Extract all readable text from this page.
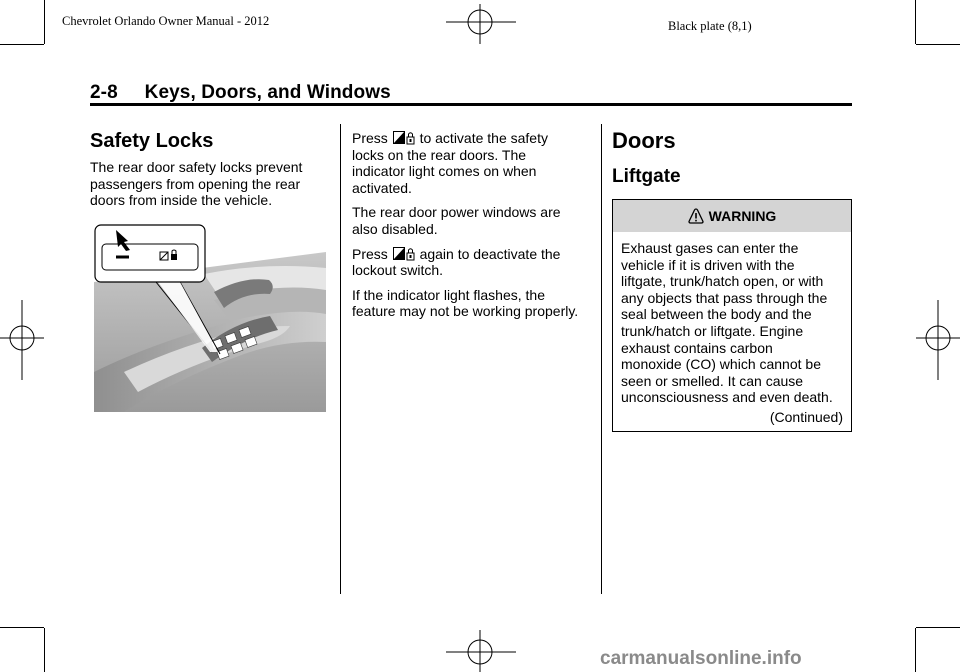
Chevrolet Orlando Owner Manual - 2012	Black plate (8,1)
2-8     Keys, Doors, and Windows
Safety Locks
The rear door safety locks prevent
passengers from opening the rear
doors from inside the vehicle.
Press to activate the safety
locks on the rear doors. The
indicator light comes on when
activated.
The rear door power windows are
also disabled.
Press again to deactivate the
lockout switch.
If the indicator light flashes, the
feature may not be working properly.
Doors
Liftgate
WARNING
Exhaust gases can enter the
vehicle if it is driven with the
liftgate, trunk/hatch open, or with
any objects that pass through the
seal between the body and the
trunk/hatch or liftgate. Engine
exhaust contains carbon
monoxide (CO) which cannot be
seen or smelled. It can cause
unconsciousness and even death.
(Continued)
carmanualsonline.info
